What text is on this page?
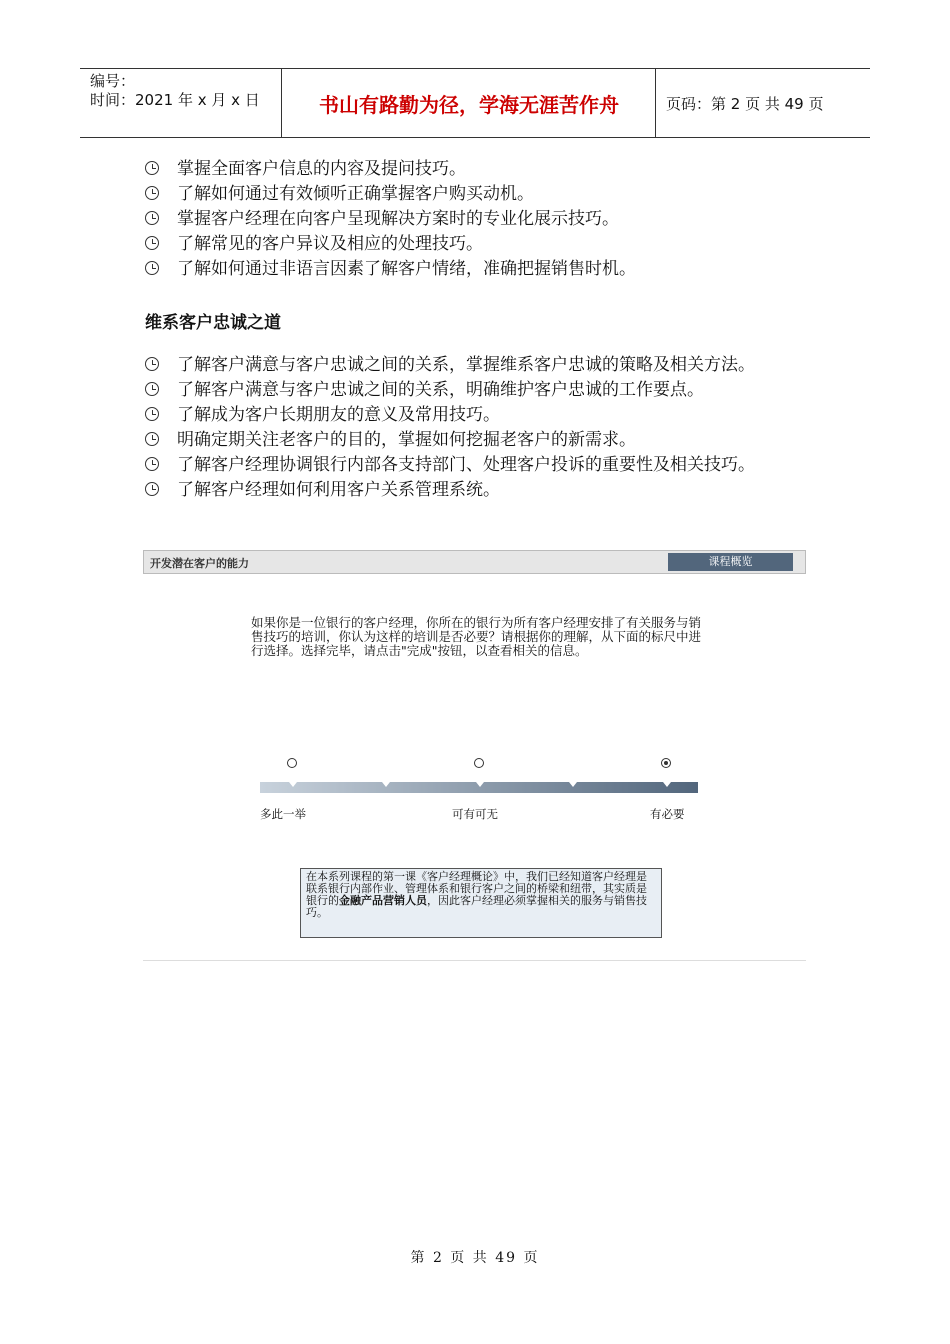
编号：
时间：2021 年 x 月 x 日	书山有路勤为径，学海无涯苦作舟	页码：第 2 页 共 49 页
掌握全面客户信息的内容及提问技巧。
了解如何通过有效倾听正确掌握客户购买动机。
掌握客户经理在向客户呈现解决方案时的专业化展示技巧。
了解常见的客户异议及相应的处理技巧。
了解如何通过非语言因素了解客户情绪，准确把握销售时机。
维系客户忠诚之道
了解客户满意与客户忠诚之间的关系，掌握维系客户忠诚的策略及相关方法。
了解客户满意与客户忠诚之间的关系，明确维护客户忠诚的工作要点。
了解成为客户长期朋友的意义及常用技巧。
明确定期关注老客户的目的，掌握如何挖掘老客户的新需求。
了解客户经理协调银行内部各支持部门、处理客户投诉的重要性及相关技巧。
了解客户经理如何利用客户关系管理系统。
开发潜在客户的能力	课程概览
如果你是一位银行的客户经理，你所在的银行为所有客户经理安排了有关服务与销售技巧的培训，你认为这样的培训是否必要？请根据你的理解，从下面的标尺中进行选择。选择完毕，请点击"完成"按钮，以查看相关的信息。
多此一举	可有可无	有必要
在本系列课程的第一课《客户经理概论》中，我们已经知道客户经理是联系银行内部作业、管理体系和银行客户之间的桥梁和纽带，其实质是银行的金融产品营销人员，因此客户经理必须掌握相关的服务与销售技巧。
第 2 页 共 49 页
